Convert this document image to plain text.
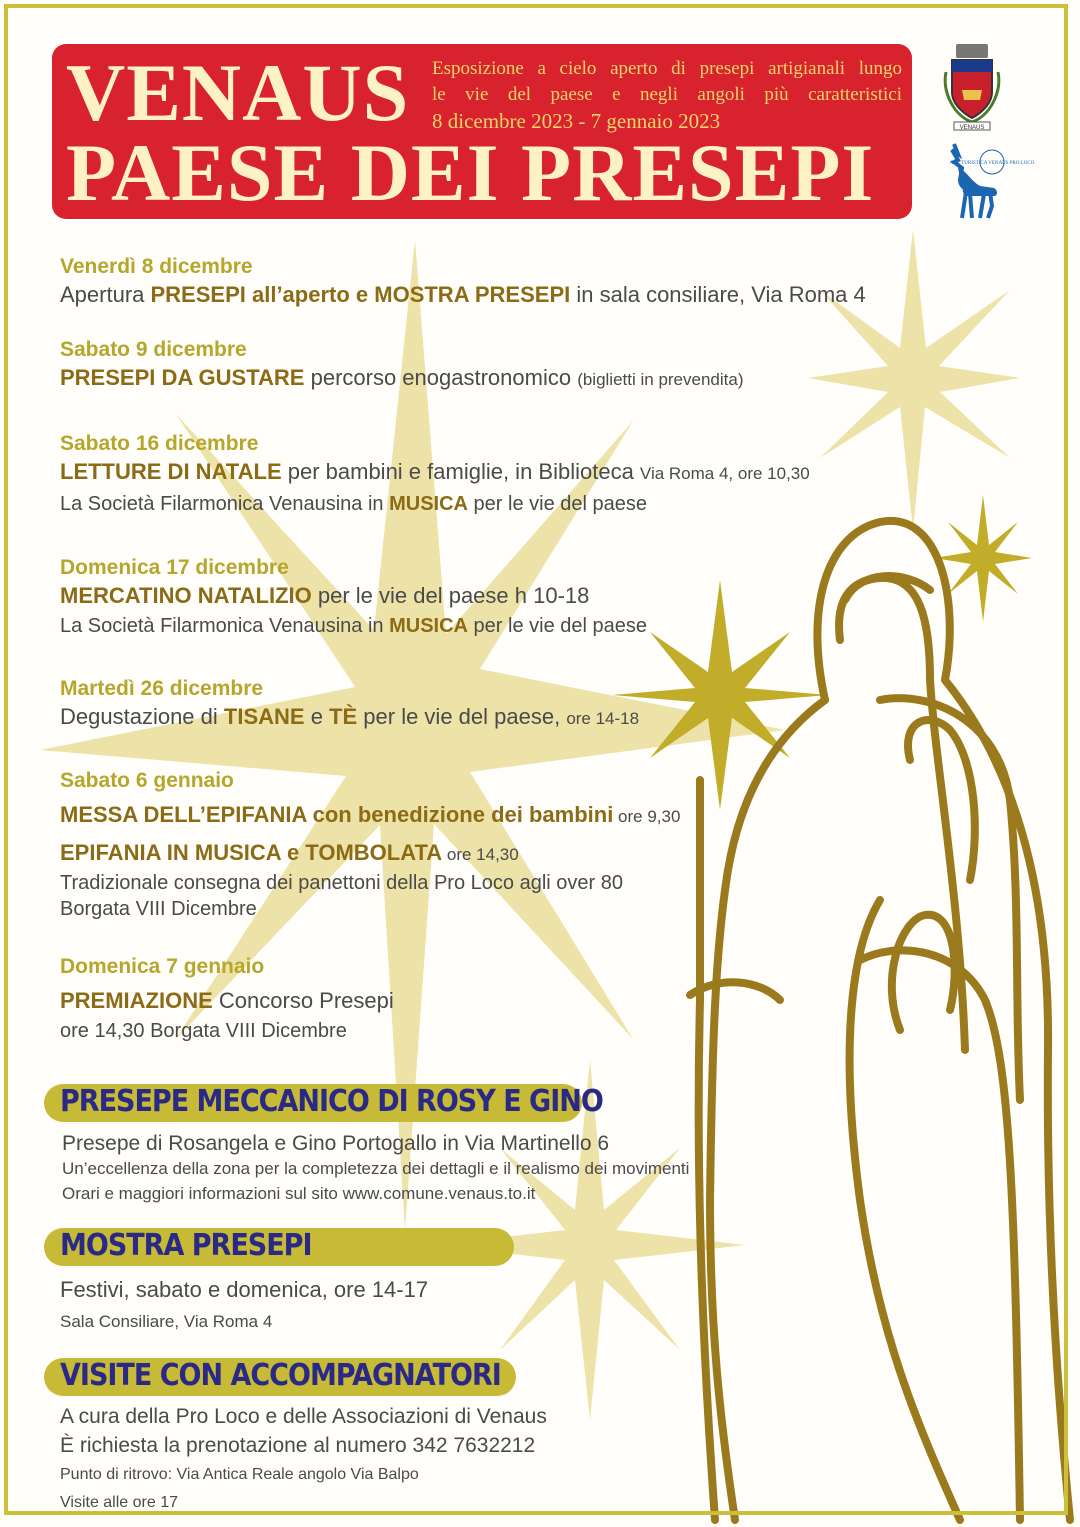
VENAUS
PAESE DEI PRESEPI
Esposizione a cielo aperto di presepi artigianali lungo
le vie del paese e negli angoli più caratteristici
8 dicembre 2023 - 7 gennaio 2023	VENAUS
ASS. TURISTICA VENAUS PRO LOCO
Venerdì 8 dicembre
Apertura PRESEPI all’aperto e MOSTRA PRESEPI in sala consiliare, Via Roma 4
Sabato 9 dicembre
PRESEPI DA GUSTARE percorso enogastronomico (biglietti in prevendita)
Sabato 16 dicembre
LETTURE DI NATALE per bambini e famiglie, in Biblioteca Via Roma 4, ore 10,30
La Società Filarmonica Venausina in MUSICA per le vie del paese
Domenica 17 dicembre
MERCATINO NATALIZIO per le vie del paese h 10-18
La Società Filarmonica Venausina in MUSICA per le vie del paese
Martedì 26 dicembre
Degustazione di TISANE e TÈ per le vie del paese, ore 14-18
Sabato 6 gennaio
MESSA DELL’EPIFANIA con benedizione dei bambini ore 9,30
EPIFANIA IN MUSICA e TOMBOLATA ore 14,30
Tradizionale consegna dei panettoni della Pro Loco agli over 80
Borgata VIII Dicembre
Domenica 7 gennaio
PREMIAZIONE Concorso Presepi
ore 14,30 Borgata VIII Dicembre
PRESEPE MECCANICO DI ROSY E GINO
Presepe di Rosangela e Gino Portogallo in Via Martinello 6
Un’eccellenza della zona per la completezza dei dettagli e il realismo dei movimenti
Orari e maggiori informazioni sul sito www.comune.venaus.to.it
MOSTRA PRESEPI
Festivi, sabato e domenica, ore 14-17
Sala Consiliare, Via Roma 4
VISITE CON ACCOMPAGNATORI
A cura della Pro Loco e delle Associazioni di Venaus
È richiesta la prenotazione al numero 342 7632212
Punto di ritrovo: Via Antica Reale angolo Via Balpo
Visite alle ore 17
